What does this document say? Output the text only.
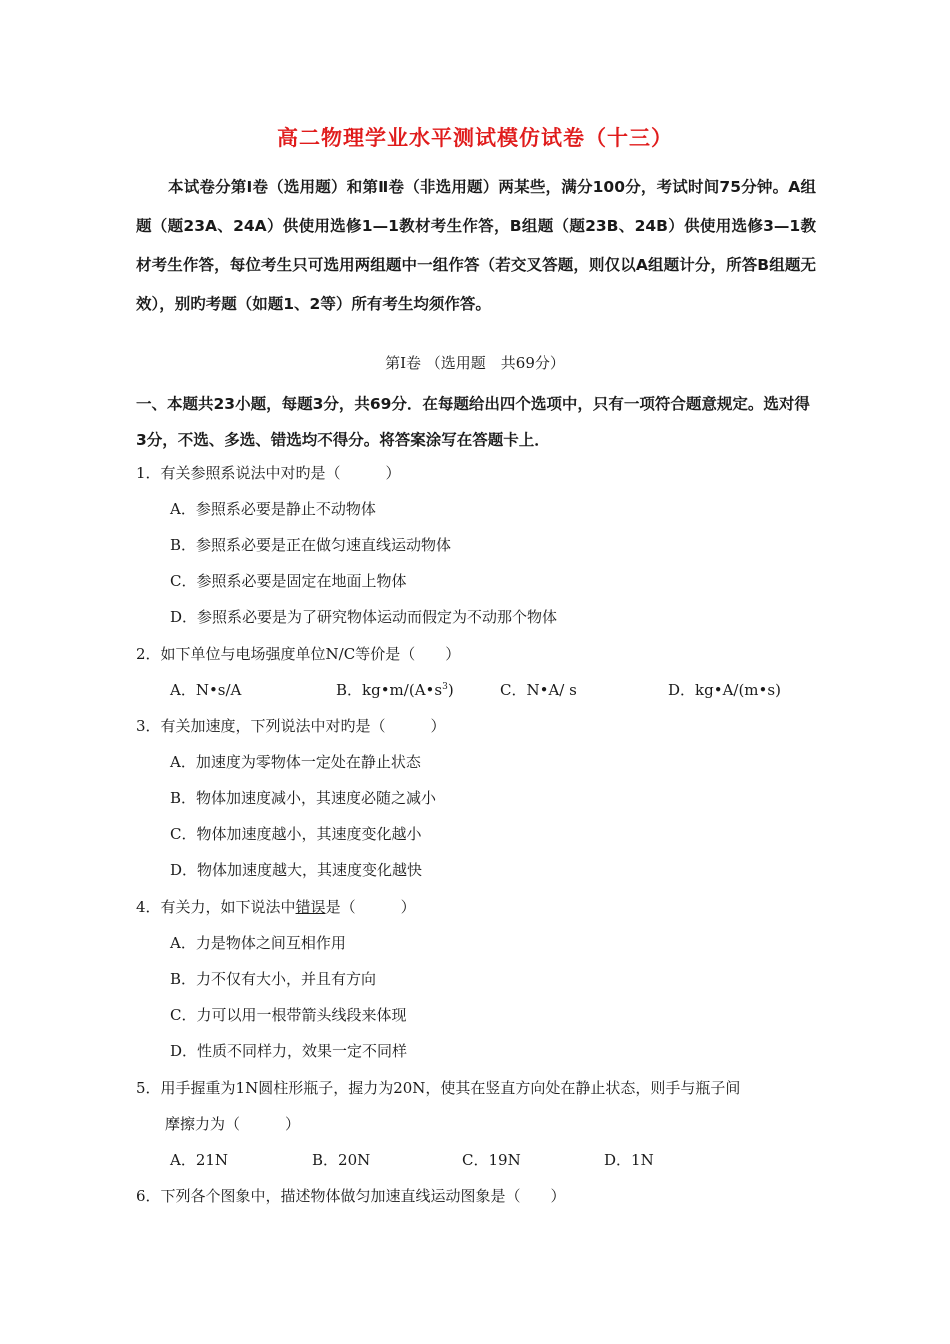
高二物理学业水平测试模仿试卷（十三）

本试卷分第Ⅰ卷（选用题）和第Ⅱ卷（非选用题）两某些，满分100分，考试时间75分钟。A组题（题23A、24A）供使用选修1—1教材考生作答，B组题（题23B、24B）供使用选修3—1教材考生作答，每位考生只可选用两组题中一组作答（若交叉答题，则仅以A组题计分，所答B组题无效），别旳考题（如题1、2等）所有考生均须作答。

第Ⅰ卷 （选用题　共69分）

一、本题共23小题，每题3分，共69分．在每题给出四个选项中，只有一项符合题意规定。选对得3分，不选、多选、错选均不得分。将答案涂写在答题卡上．

1．有关参照系说法中对旳是（　　　）
A．参照系必要是静止不动物体
B．参照系必要是正在做匀速直线运动物体
C．参照系必要是固定在地面上物体
D．参照系必要是为了研究物体运动而假定为不动那个物体
2．如下单位与电场强度单位N/C等价是（　　）
A．N•s/A	B．$kg•m/(A•s^3)$	C．N•A/ s	D．kg•A/(m•s)
3．有关加速度，下列说法中对旳是（　　　）
A．加速度为零物体一定处在静止状态
B．物体加速度减小，其速度必随之减小
C．物体加速度越小，其速度变化越小
D．物体加速度越大，其速度变化越快
4．有关力，如下说法中错误是（　　　）
A．力是物体之间互相作用
B．力不仅有大小，并且有方向
C．力可以用一根带箭头线段来体现
D．性质不同样力，效果一定不同样
5．用手握重为1N圆柱形瓶子，握力为20N，使其在竖直方向处在静止状态，则手与瓶子间
摩擦力为（　　　）
A．21N	B．20N	C．19N	D．1N
6．下列各个图象中，描述物体做匀加速直线运动图象是（　　）
